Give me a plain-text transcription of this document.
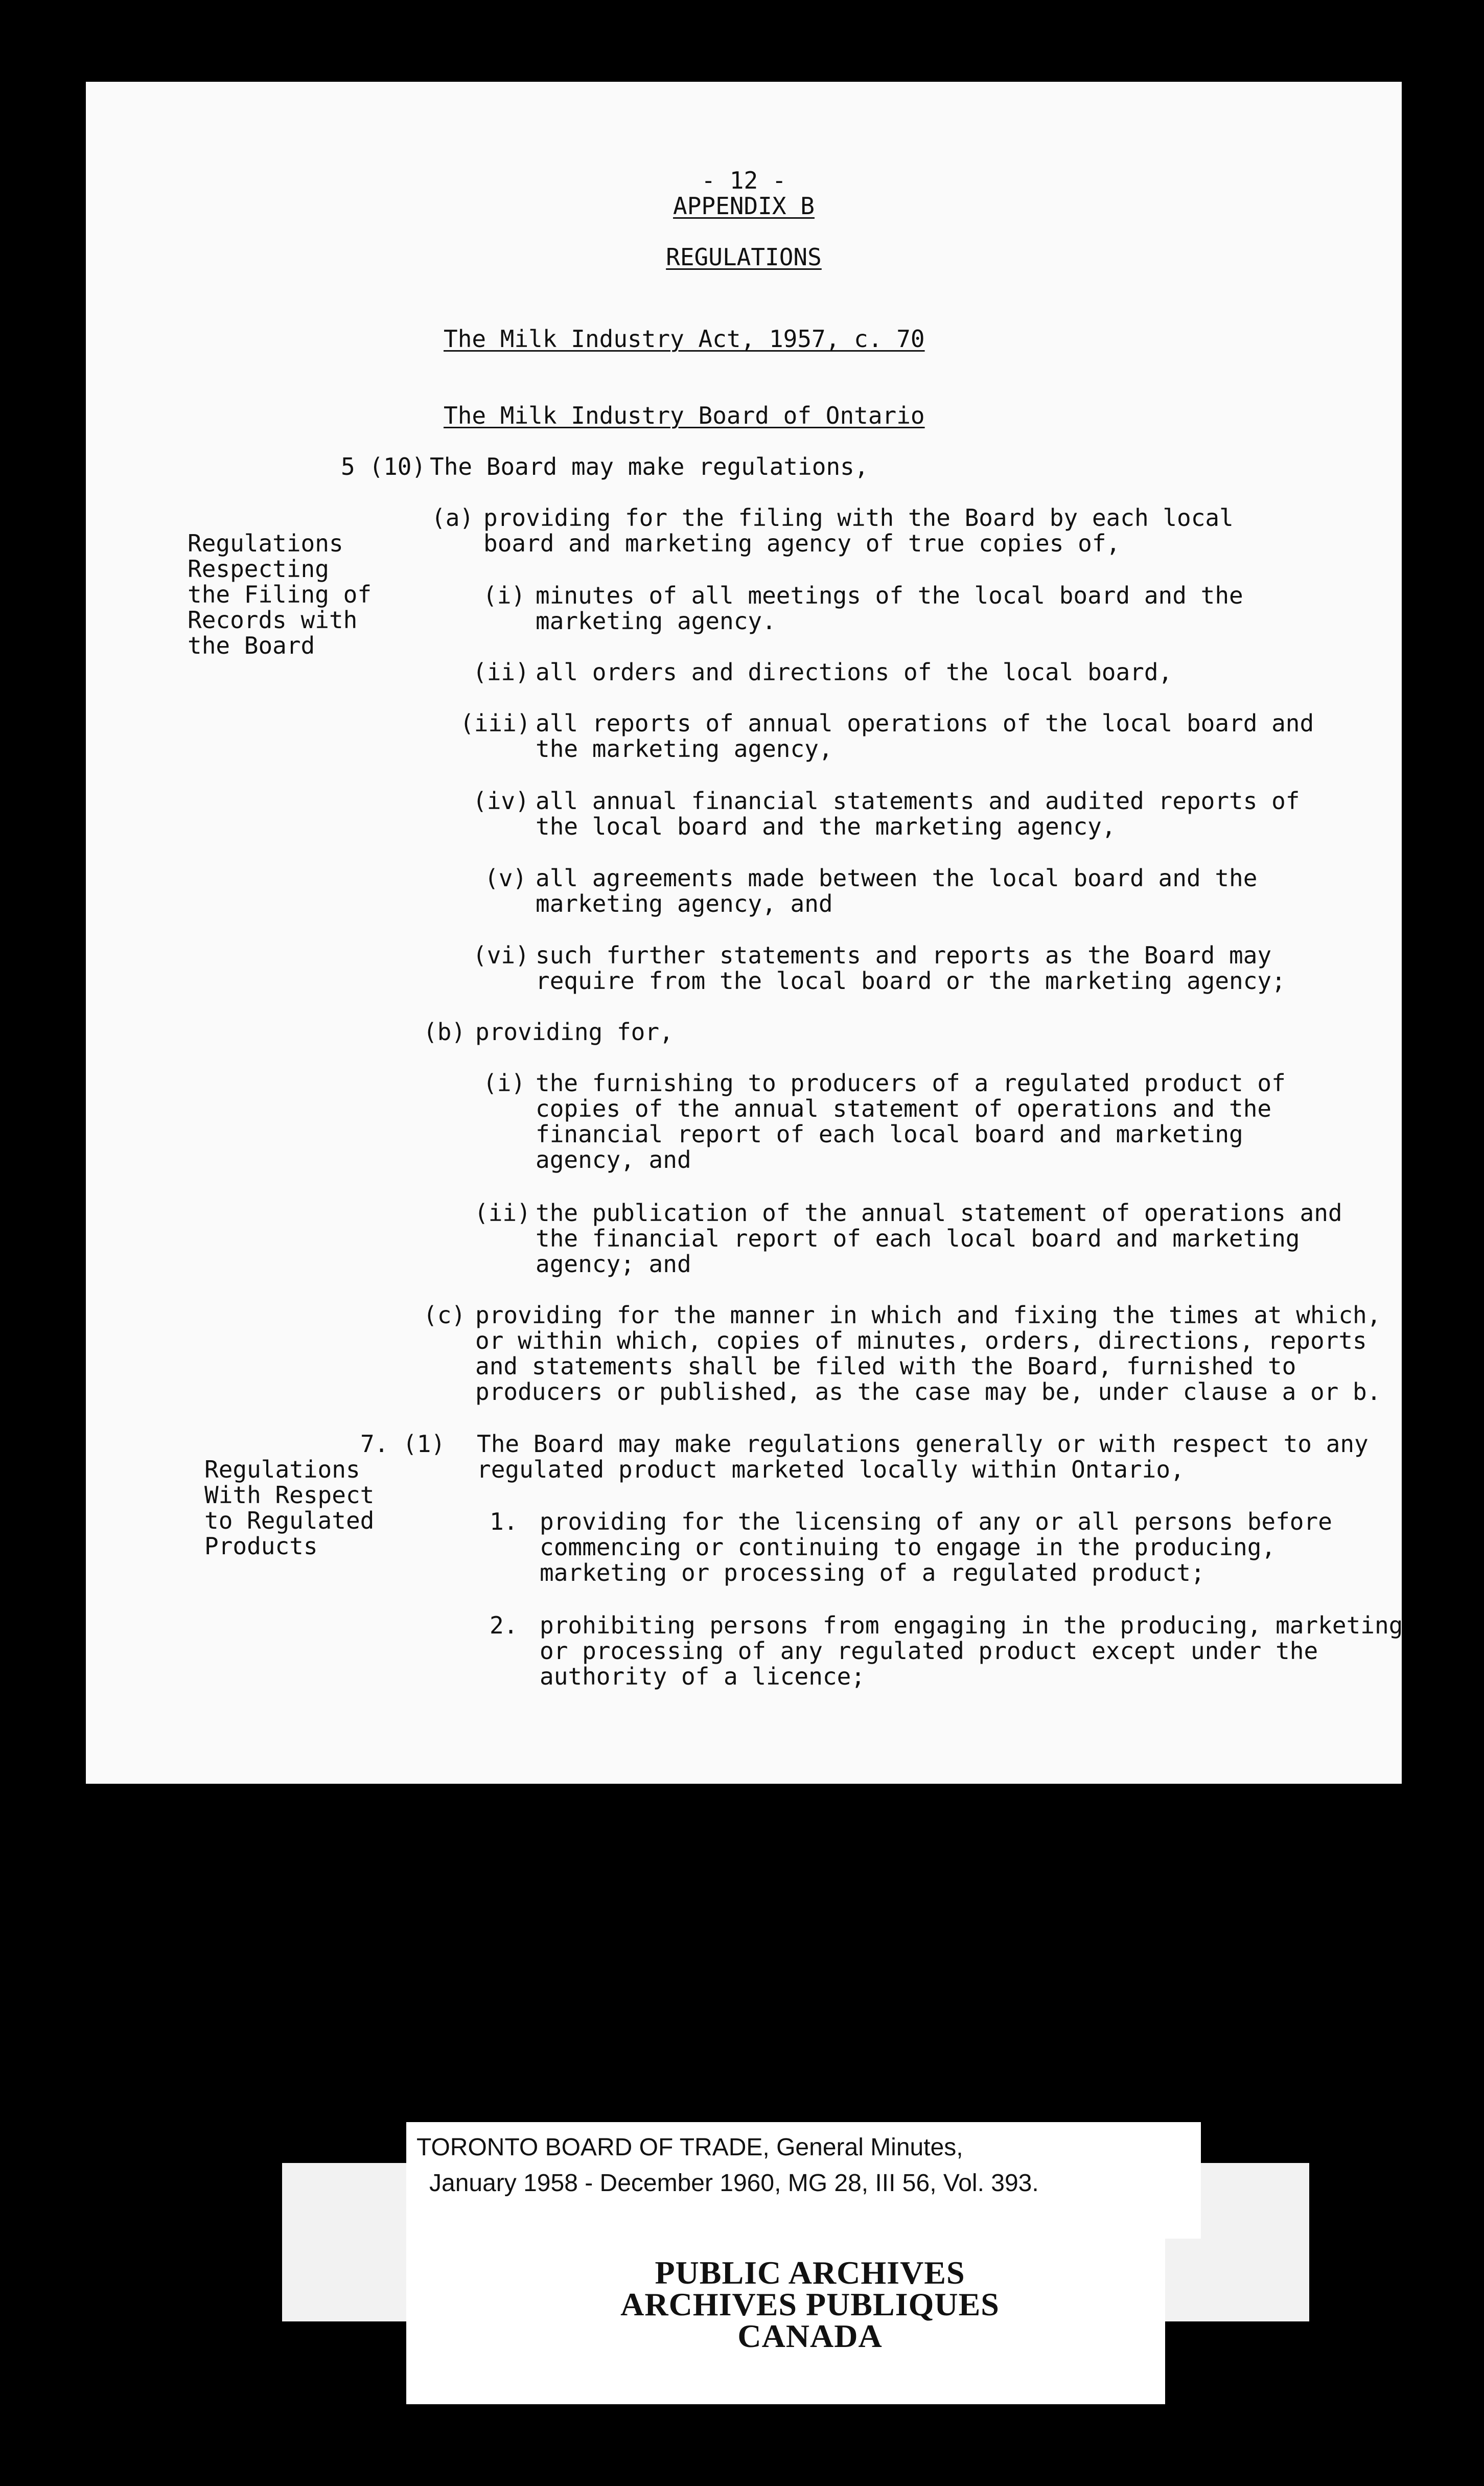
- 12 -

APPENDIX B

REGULATIONS

The Milk Industry Act, 1957, c. 70

The Milk Industry Board of Ontario

5 (10) The Board may make regulations,

Regulations
Respecting
the Filing of
Records with
the Board

(a) providing for the filing with the Board by each local
board and marketing agency of true copies of,

(i) minutes of all meetings of the local board and the
marketing agency.

(ii) all orders and directions of the local board,

(iii) all reports of annual operations of the local board and
the marketing agency,

(iv) all annual financial statements and audited reports of
the local board and the marketing agency,

(v) all agreements made between the local board and the
marketing agency, and

(vi) such further statements and reports as the Board may
require from the local board or the marketing agency;

(b) providing for,

(i) the furnishing to producers of a regulated product of
copies of the annual statement of operations and the
financial report of each local board and marketing
agency, and

(ii) the publication of the annual statement of operations and
the financial report of each local board and marketing
agency; and

(c) providing for the manner in which and fixing the times at which,
or within which, copies of minutes, orders, directions, reports
and statements shall be filed with the Board, furnished to
producers or published, as the case may be, under clause a or b.

7. (1) The Board may make regulations generally or with respect to any
regulated product marketed locally within Ontario,

Regulations
With Respect
to Regulated
Products

1. providing for the licensing of any or all persons before
commencing or continuing to engage in the producing,
marketing or processing of a regulated product;

2. prohibiting persons from engaging in the producing, marketing
or processing of any regulated product except under the
authority of a licence;

TORONTO BOARD OF TRADE, General Minutes,
January 1958 - December 1960, MG 28, III 56, Vol. 393.
PUBLIC ARCHIVES
ARCHIVES PUBLIQUES
CANADA
